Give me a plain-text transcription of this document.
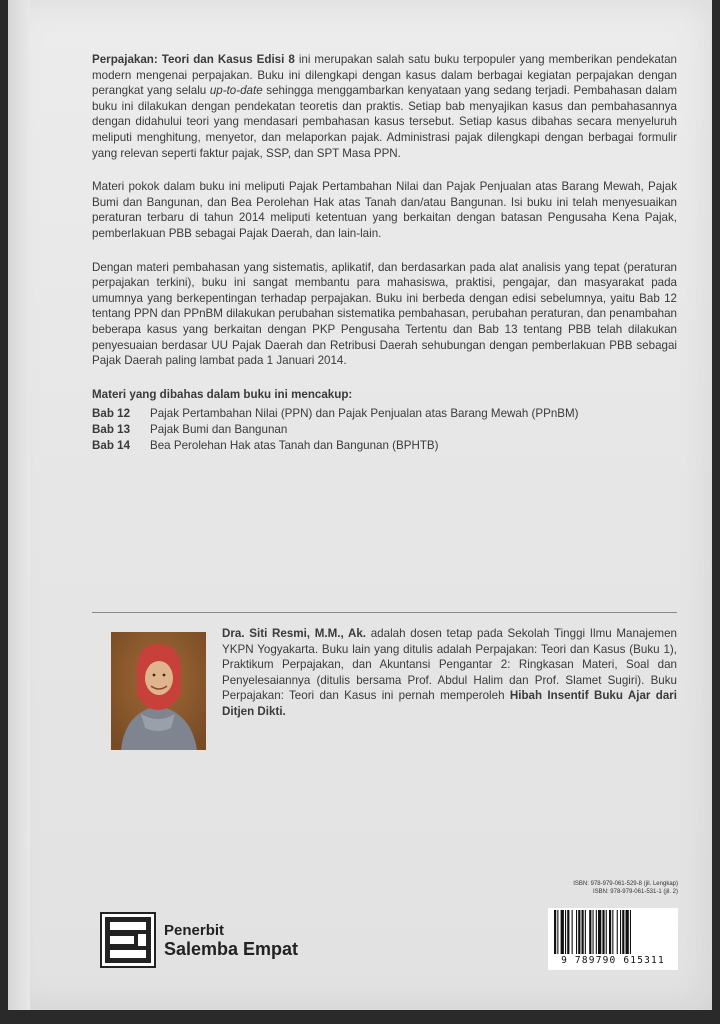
Perpajakan: Teori dan Kasus Edisi 8 ini merupakan salah satu buku terpopuler yang memberikan pendekatan modern mengenai perpajakan. Buku ini dilengkapi dengan kasus dalam berbagai kegiatan perpajakan dengan perangkat yang selalu up-to-date sehingga menggambarkan kenyataan yang sedang terjadi. Pembahasan dalam buku ini dilakukan dengan pendekatan teoretis dan praktis. Setiap bab menyajikan kasus dan pembahasannya dengan didahului teori yang mendasari pembahasan kasus tersebut. Setiap kasus dibahas secara menyeluruh meliputi menghitung, menyetor, dan melaporkan pajak. Administrasi pajak dilengkapi dengan berbagai formulir yang relevan seperti faktur pajak, SSP, dan SPT Masa PPN.

Materi pokok dalam buku ini meliputi Pajak Pertambahan Nilai dan Pajak Penjualan atas Barang Mewah, Pajak Bumi dan Bangunan, dan Bea Perolehan Hak atas Tanah dan/atau Bangunan. Isi buku ini telah menyesuaikan peraturan terbaru di tahun 2014 meliputi ketentuan yang berkaitan dengan batasan Pengusaha Kena Pajak, pemberlakuan PBB sebagai Pajak Daerah, dan lain-lain.

Dengan materi pembahasan yang sistematis, aplikatif, dan berdasarkan pada alat analisis yang tepat (peraturan perpajakan terkini), buku ini sangat membantu para mahasiswa, praktisi, pengajar, dan masyarakat pada umumnya yang berkepentingan terhadap perpajakan. Buku ini berbeda dengan edisi sebelumnya, yaitu Bab 12 tentang PPN dan PPnBM dilakukan perubahan sistematika pembahasan, perubahan peraturan, dan penambahan beberapa kasus yang berkaitan dengan PKP Pengusaha Tertentu dan Bab 13 tentang PBB telah dilakukan penyesuaian berdasar UU Pajak Daerah dan Retribusi Daerah sehubungan dengan pemberlakuan PBB sebagai Pajak Daerah paling lambat pada 1 Januari 2014.

Materi yang dibahas dalam buku ini mencakup:
Bab 12	Pajak Pertambahan Nilai (PPN) dan Pajak Penjualan atas Barang Mewah (PPnBM)
Bab 13	Pajak Bumi dan Bangunan
Bab 14	Bea Perolehan Hak atas Tanah dan Bangunan (BPHTB)
Dra. Siti Resmi, M.M., Ak. adalah dosen tetap pada Sekolah Tinggi Ilmu Manajemen YKPN Yogyakarta. Buku lain yang ditulis adalah Perpajakan: Teori dan Kasus (Buku 1), Praktikum Perpajakan, dan Akuntansi Pengantar 2: Ringkasan Materi, Soal dan Penyelesaiannya (ditulis bersama Prof. Abdul Halim dan Prof. Slamet Sugiri). Buku Perpajakan: Teori dan Kasus ini pernah memperoleh Hibah Insentif Buku Ajar dari Ditjen Dikti.
Penerbit
Salemba Empat
ISBN: 978-979-061-529-8 (jil. Lengkap)
ISBN: 978-979-061-531-1 (jil. 2)
9 789790 615311
